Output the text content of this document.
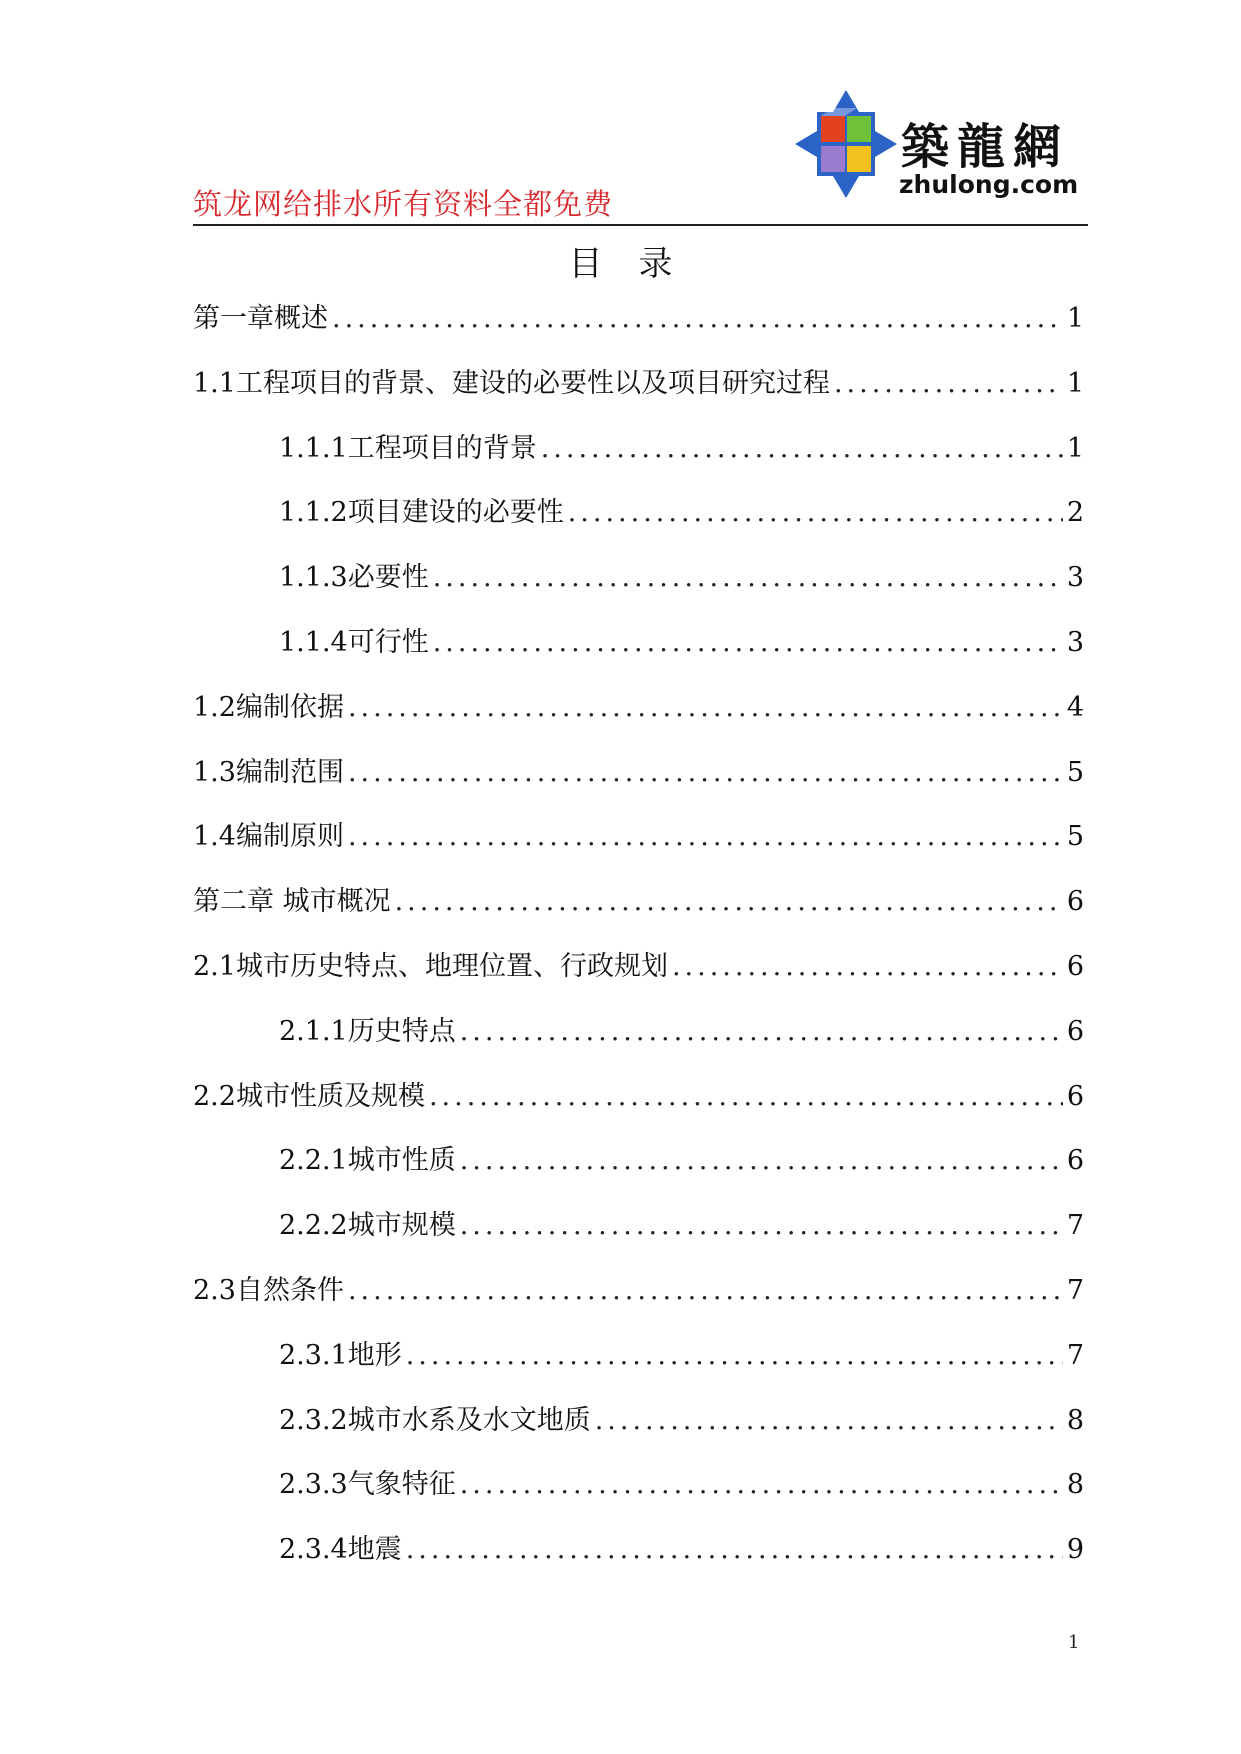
築龍網
zhulong.com
筑龙网给排水所有资料全都免费
目 录
第一章概述 .....	1
1.1工程项目的背景、建设的必要性以及项目研究过程 .....	1
1.1.1工程项目的背景 .....	1
1.1.2项目建设的必要性 .....	2
1.1.3必要性 .....	3
1.1.4可行性 .....	3
1.2编制依据 .....	4
1.3编制范围 .....	5
1.4编制原则 .....	5
第二章 城市概况 .....	6
2.1城市历史特点、地理位置、行政规划 .....	6
2.1.1历史特点 .....	6
2.2城市性质及规模 .....	6
2.2.1城市性质 .....	6
2.2.2城市规模 .....	7
2.3自然条件 .....	7
2.3.1地形 .....	7
2.3.2城市水系及水文地质 .....	8
2.3.3气象特征 .....	8
2.3.4地震 .....	9
1
